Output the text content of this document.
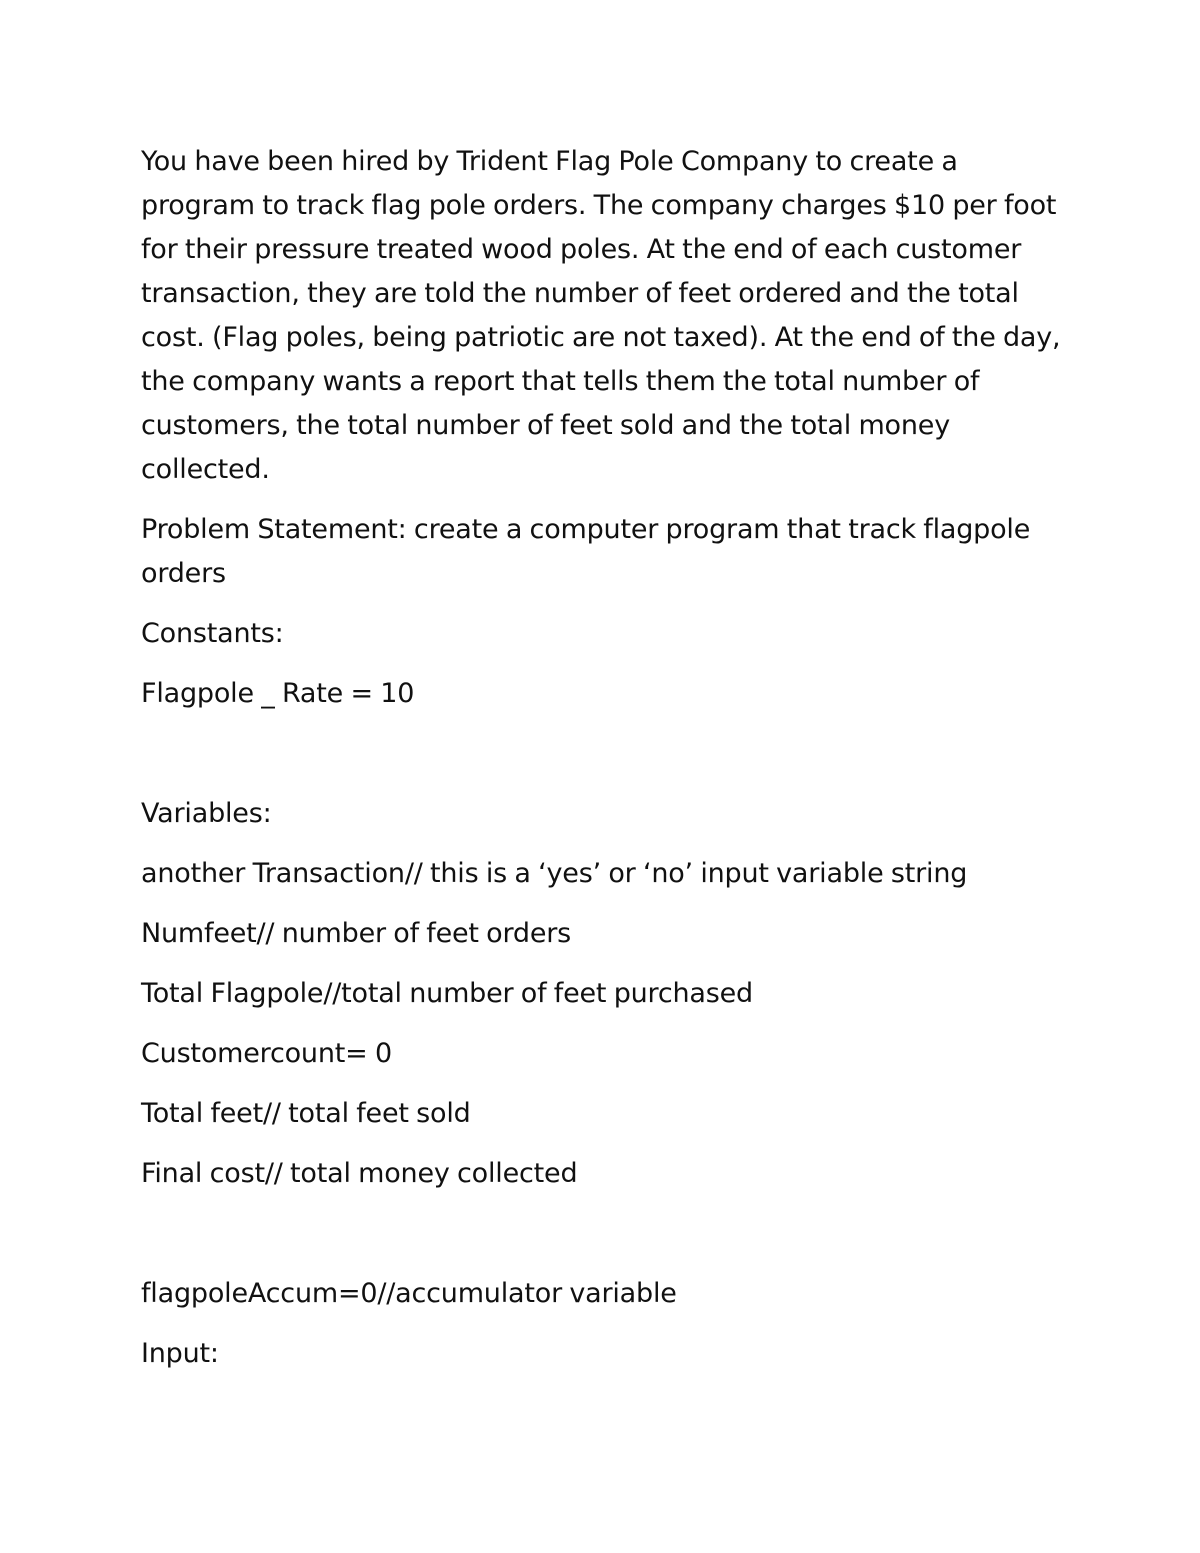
You have been hired by Trident Flag Pole Company to create a program to track flag pole orders. The company charges $10 per foot for their pressure treated wood poles. At the end of each customer transaction, they are told the number of feet ordered and the total cost. (Flag poles, being patriotic are not taxed). At the end of the day, the company wants a report that tells them the total number of customers, the total number of feet sold and the total money collected.

Problem Statement: create a computer program that track flagpole orders

Constants:

Flagpole _ Rate = 10

Variables:

another Transaction// this is a ‘yes’ or ‘no’ input variable string

Numfeet// number of feet orders

Total Flagpole//total number of feet purchased

Customercount= 0

Total feet// total feet sold

Final cost// total money collected

flagpoleAccum=0//accumulator variable

Input:
